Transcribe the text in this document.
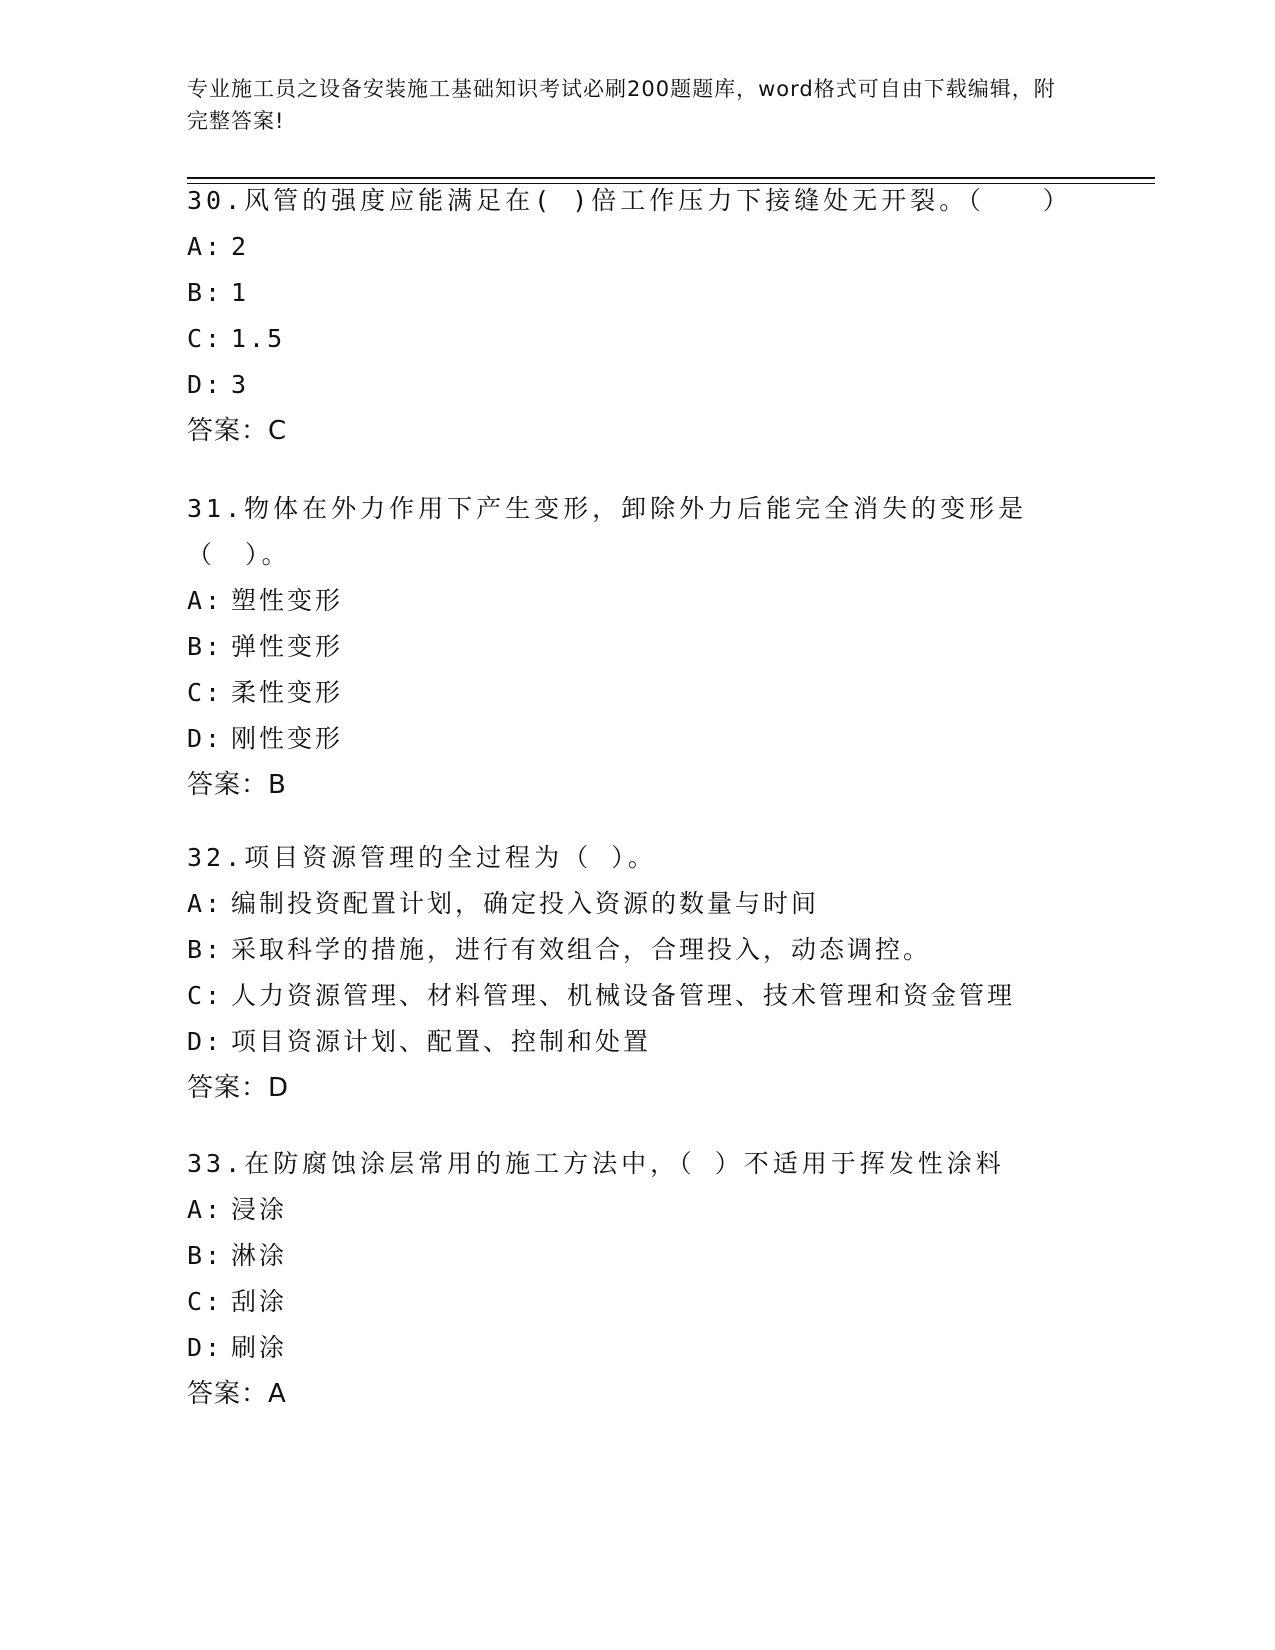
专业施工员之设备安装施工基础知识考试必刷200题题库，word格式可自由下载编辑，附完整答案!
30.风管的强度应能满足在( )倍工作压力下接缝处无开裂。（　　）
A: 2
B: 1
C: 1.5
D: 3
答案：C
31.物体在外力作用下产生变形，卸除外力后能完全消失的变形是（　）。
A: 塑性变形
B: 弹性变形
C: 柔性变形
D: 刚性变形
答案：B
32.项目资源管理的全过程为（ ）。
A: 编制投资配置计划，确定投入资源的数量与时间
B: 采取科学的措施，进行有效组合，合理投入，动态调控。
C: 人力资源管理、材料管理、机械设备管理、技术管理和资金管理
D: 项目资源计划、配置、控制和处置
答案：D
33.在防腐蚀涂层常用的施工方法中，（ ）不适用于挥发性涂料
A: 浸涂
B: 淋涂
C: 刮涂
D: 刷涂
答案：A
